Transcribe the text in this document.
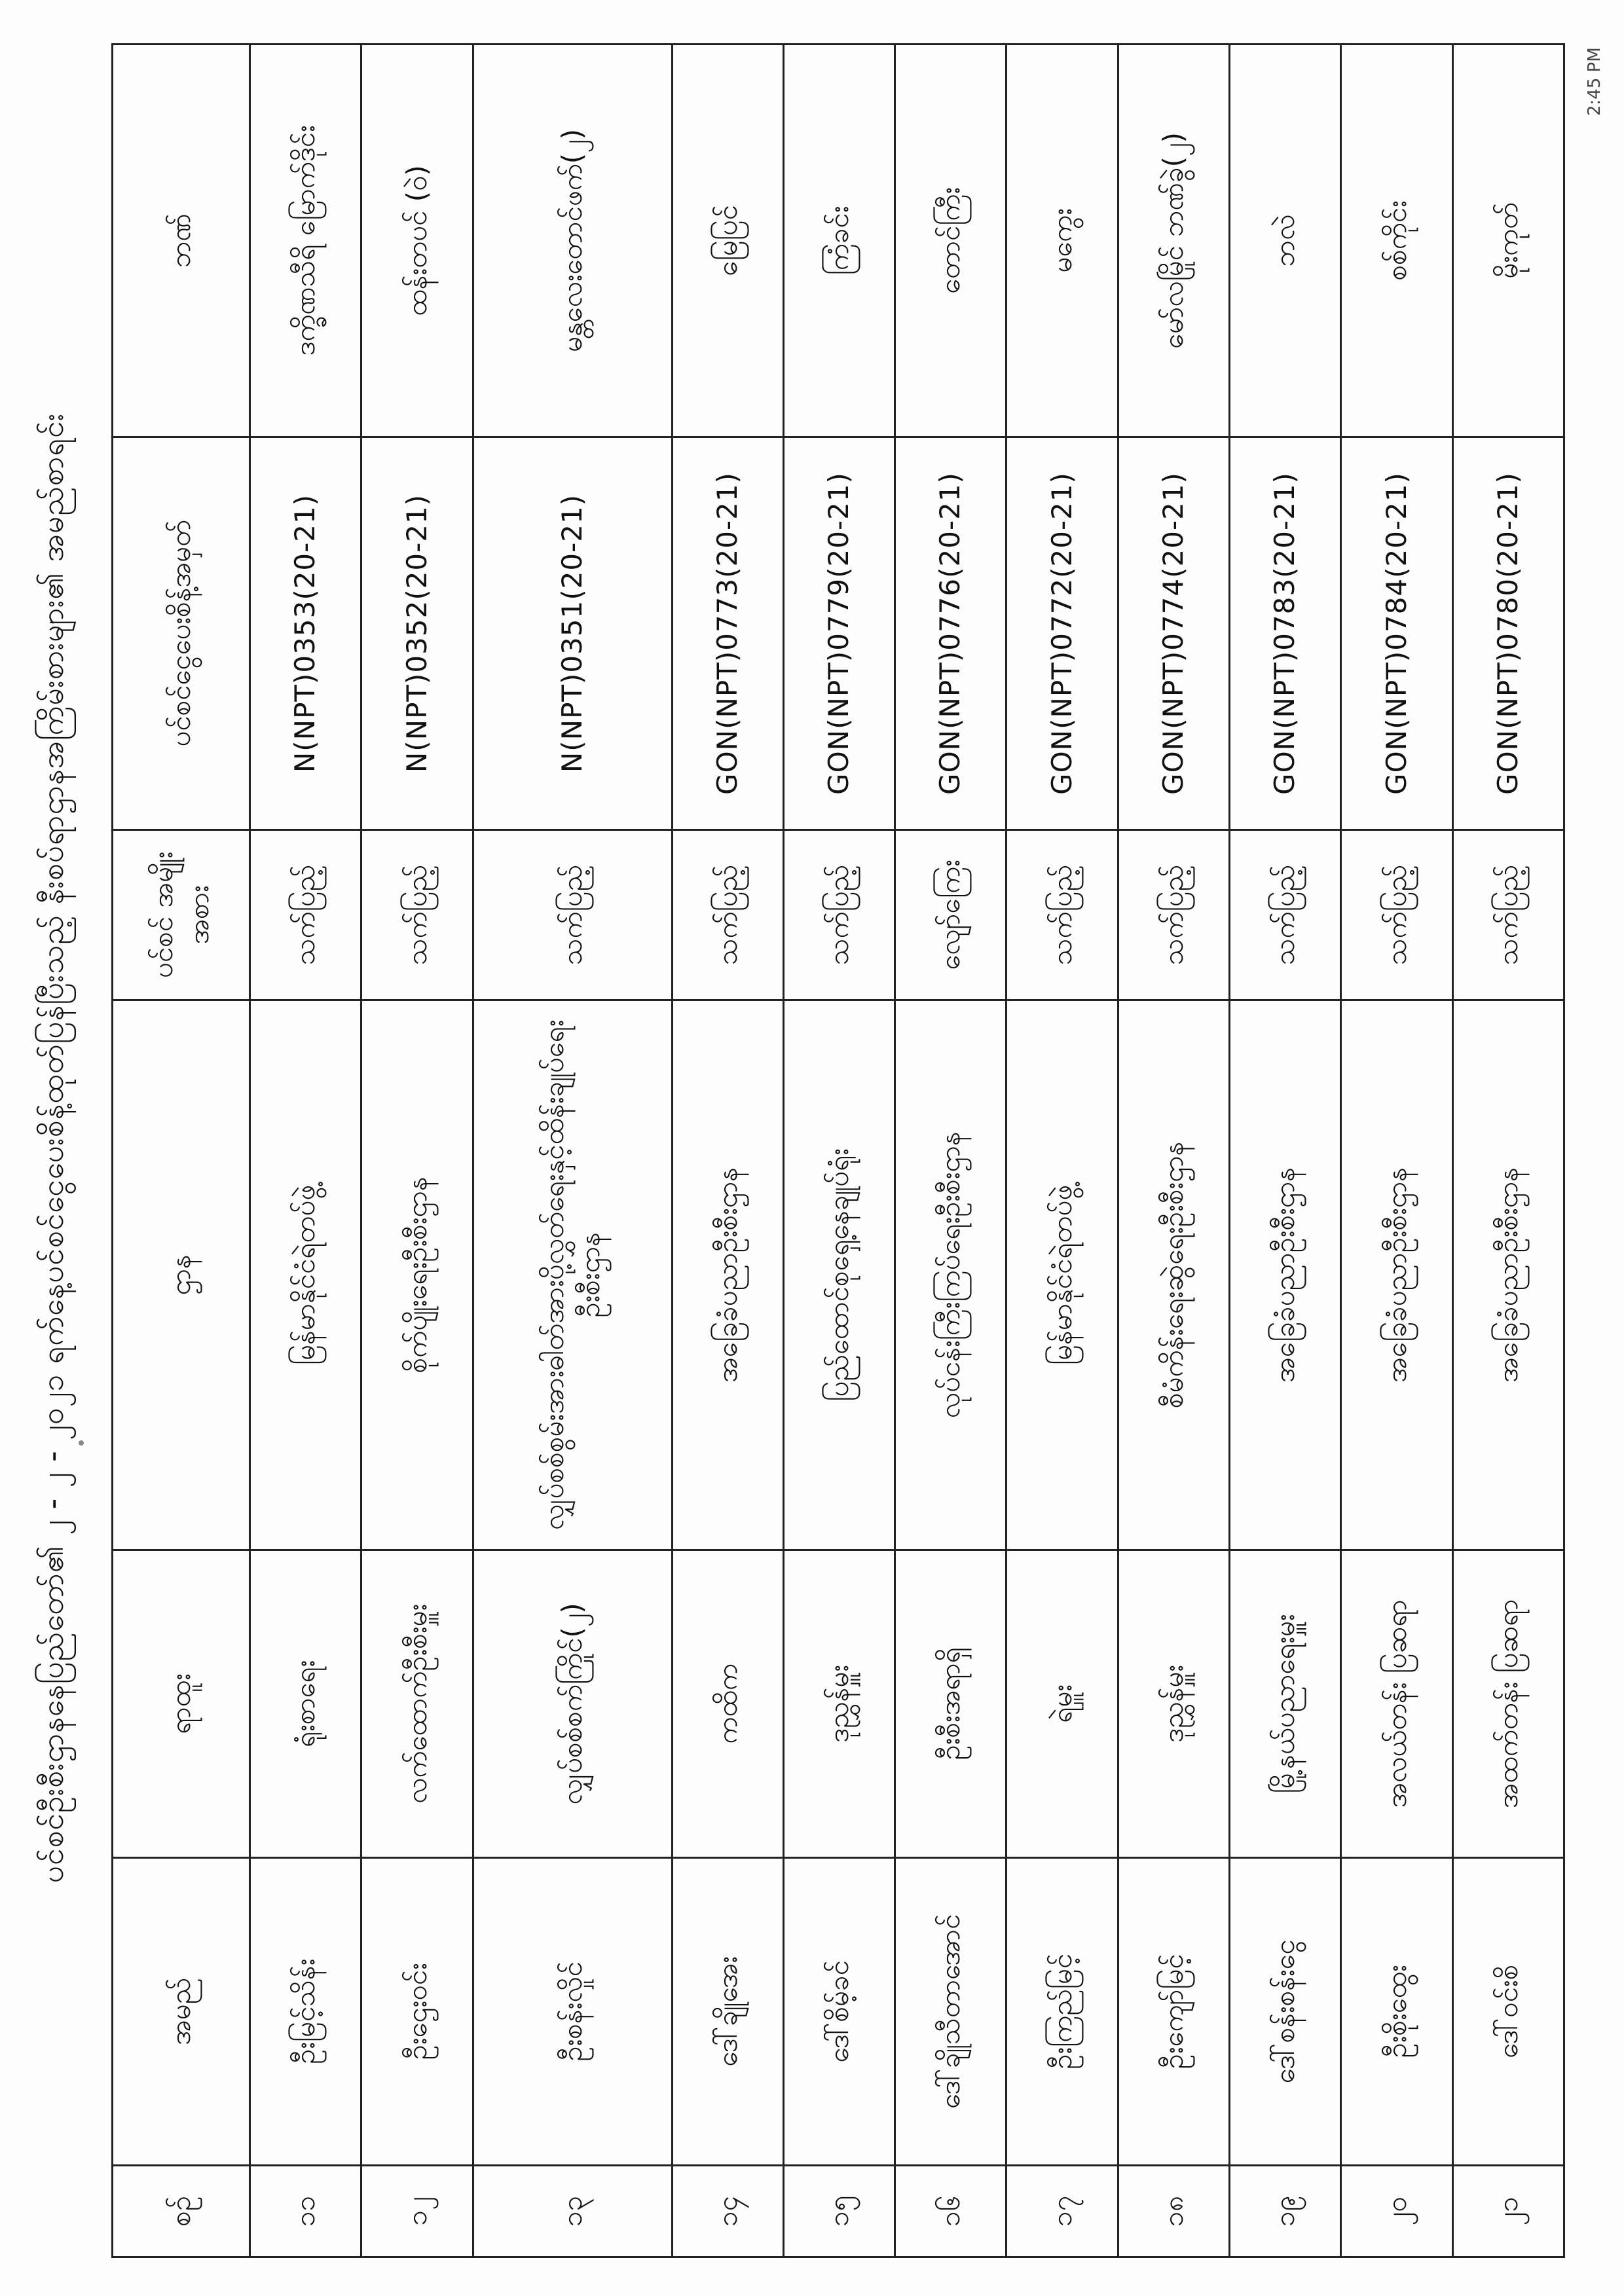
ပင်စင်ဦးစီးဌာနနေပြည်တော်၏ ၂ - ၂ - ၂၀၂၁ ရက်နေ့ပင်စင်ငွေပေးစိန့်ထုတ်ပြန်ပြီးသည့် နီးစပ်ရာဌာနအကြိမ်းစားများ၏ အမည်စာရင်း
စဉ်	အမည်	ရာထူး	ဌာန	ပင်စင် အမျိုးအစား	ပင်စင်ငွေပေးစိန့်အမှတ်	ဘဏ်
၁၁	ဦးမြင့်သိန်း	ရုံးစာရေး	မြန်မာနိုင်ငံရဲတပ်ဖွဲ့	သက်ပြည့်	N(NPT)0353(20-21)	ဒက္ခိဏသီရိ မြောက်ဒိုင်း
၁၂	ဦးဌေးဝင်း	လက်ထောက်ဦးစီးမှူး	စိုက်ပျိုးရေးဦးစီးဌာန	သက်ပြည့်	N(NPT)0352(20-21)	ထန်းတပင် (ဝဲ)
၁၃	ဦးစန်းလှိုင်	လျှပ်စစ်စက်ကြိုင်(၂)	လျှပ်စစ်စွမ်းအားဓါတ်အားပို့လွှတ်ရေးနှင့်ထိန်းချုပ်ရေး ဦးစီးဌာန	သက်ပြည့်	N(NPT)0351(20-21)	မန္တလေးတောင်ဖက်(၂)
၁၄	ဒေါ်ချိုအေး	ကထိက	အခြေခံပညာဦးစီးဌာန	သက်ပြည့်	GON(NPT)0773(20-21)	မြေပြင်
၁၅	ဒေါ်စိမ့်ခင်	ဒုညွှန်မှူး	ပြည်ထောင်စုရှေ့နေချုပ်ရုံး	သက်ပြည့်	GON(NPT)0779(20-21)	ကြံခင်း
၁၆	ဒေါ်ချိုသီတာအောင်	ဦးစီးအရာရှိ	လုပ်ငန်းကြီးကြပ်ရေးဦးစီးဌာန	လျော်ကြေး	GON(NPT)0776(20-21)	တောင်ကြီး
၁၇	ဦးကြည်မြင့်	ရဲမှူး	မြန်မာနိုင်ငံရဲတပ်ဖွဲ့	သက်ပြည့်	GON(NPT)0772(20-21)	မကွေး
၁၈	ဦးကျော်မြင့်	ဒုညွှန်မှူး	စီမံကိန်းရေးဆွဲရေးဦးစီးဌာန	သက်ပြည့်	GON(NPT)0774(20-21)	မော်လမြိုင် ဘဏ်ခွဲ(၂)
၁၉	ဒေါ်စန်းစန်းငွေ	မြို့နယ်ပညာရေးမှူး	အခြေခံပညာဦးစီးဌာန	သက်ပြည့်	GON(NPT)0783(20-21)	ဘလဲ
၂၀	ဦးစိုးထွေး	အလယ်တန်း ပြဆရာ	အခြေခံပညာဦးစီးဌာန	သက်ပြည့်	GON(NPT)0784(20-21)	စစ်ကိုင်း
၂၁	ဒေါ်ဝင်းစိ	အထက်တန်း ပြဆရာ	အခြေခံပညာဦးစီးဌာန	သက်ပြည့်	GON(NPT)0780(20-21)	မိုးကုတ်
2:45 PM
